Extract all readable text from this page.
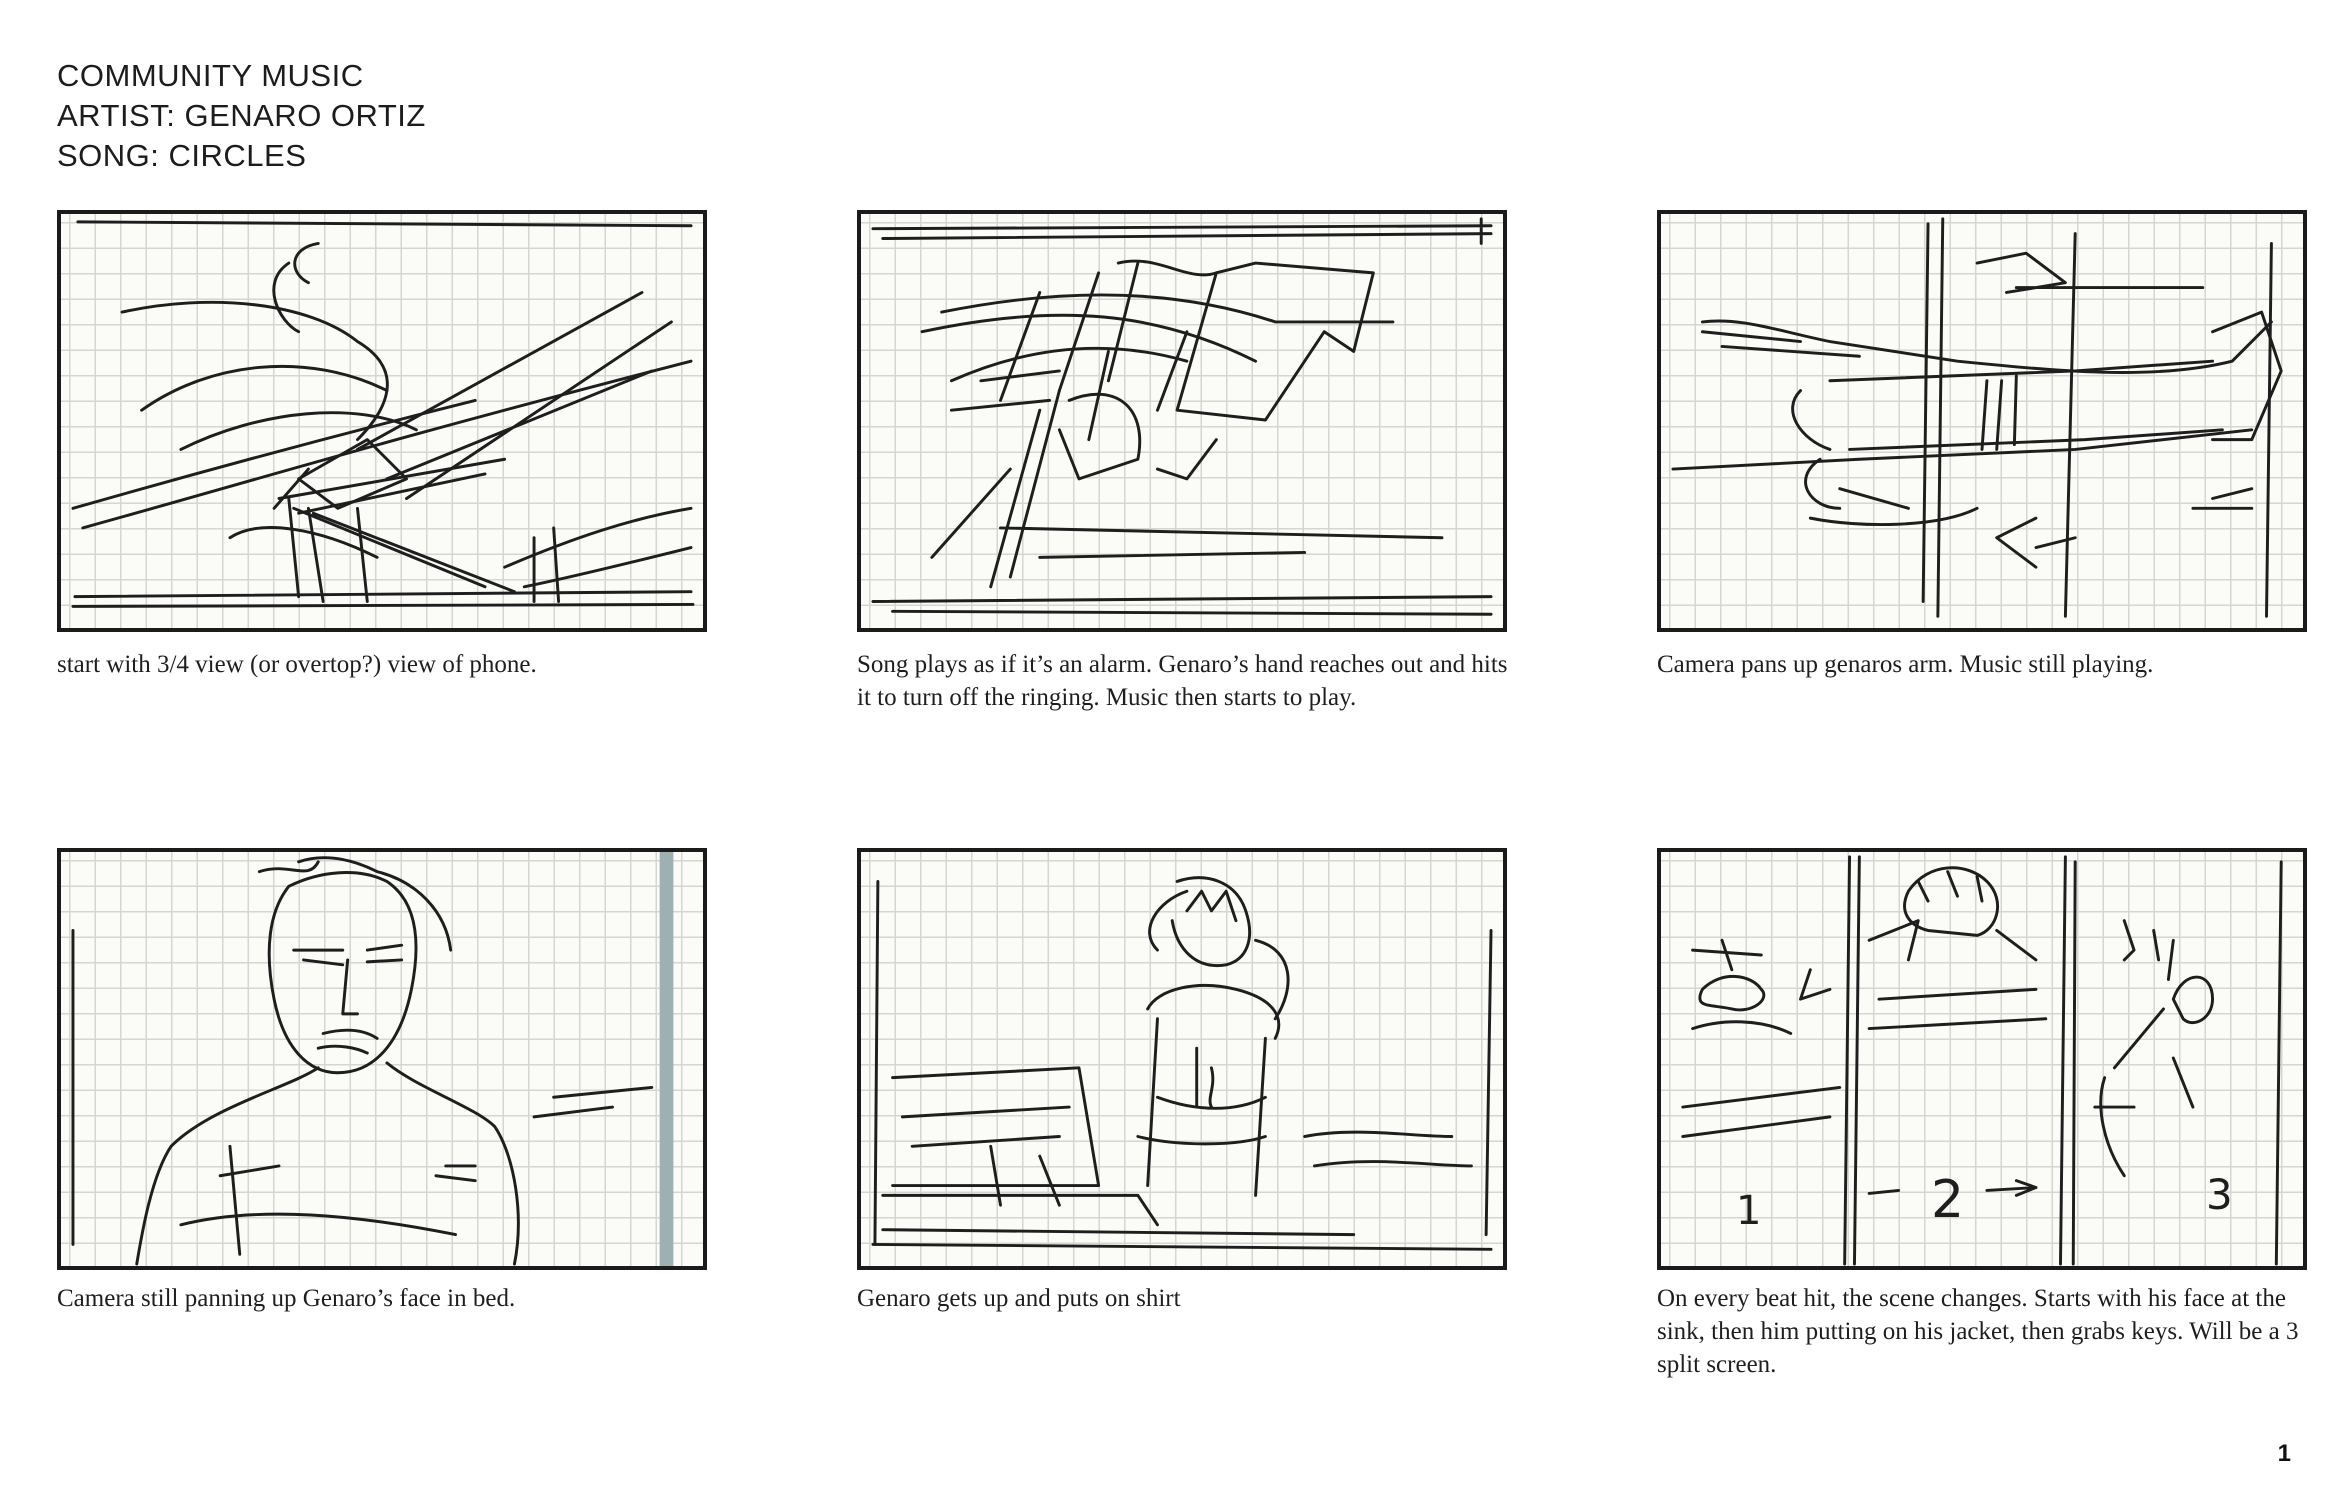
COMMUNITY MUSIC
ARTIST: GENARO ORTIZ
SONG: CIRCLES
start with 3/4 view (or overtop?) view of phone.	Song plays as if it’s an alarm. Genaro’s hand reaches out and hits it to turn off the ringing. Music then starts to play.
Camera pans up genaros arm. Music still playing.
Camera still panning up Genaro’s face in bed.	Genaro gets up and puts on shirt
1	2	3
On every beat hit, the scene changes. Starts with his face at the sink, then him putting on his jacket, then grabs keys. Will be a 3 split screen.
1
